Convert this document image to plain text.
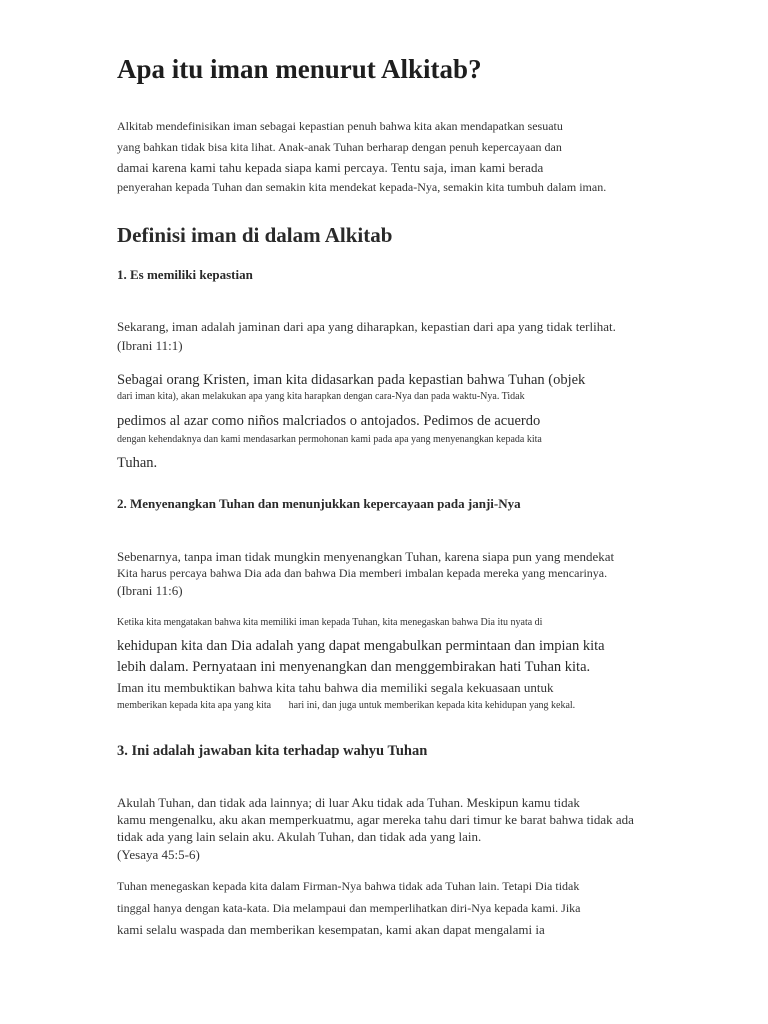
Apa itu iman menurut Alkitab?

Alkitab mendefinisikan iman sebagai kepastian penuh bahwa kita akan mendapatkan sesuatu

yang bahkan tidak bisa kita lihat. Anak-anak Tuhan berharap dengan penuh kepercayaan dan

damai karena kami tahu kepada siapa kami percaya. Tentu saja, iman kami berada

penyerahan kepada Tuhan dan semakin kita mendekat kepada-Nya, semakin kita tumbuh dalam iman.

Definisi iman di dalam Alkitab
1. Es memiliki kepastian

Sekarang, iman adalah jaminan dari apa yang diharapkan, kepastian dari apa yang tidak terlihat.

(Ibrani 11:1)

Sebagai orang Kristen, iman kita didasarkan pada kepastian bahwa Tuhan (objek

dari iman kita), akan melakukan apa yang kita harapkan dengan cara-Nya dan pada waktu-Nya. Tidak

pedimos al azar como niños malcriados o antojados. Pedimos de acuerdo

dengan kehendaknya dan kami mendasarkan permohonan kami pada apa yang menyenangkan kepada kita

Tuhan.

2. Menyenangkan Tuhan dan menunjukkan kepercayaan pada janji-Nya

Sebenarnya, tanpa iman tidak mungkin menyenangkan Tuhan, karena siapa pun yang mendekat

Kita harus percaya bahwa Dia ada dan bahwa Dia memberi imbalan kepada mereka yang mencarinya.

(Ibrani 11:6)

Ketika kita mengatakan bahwa kita memiliki iman kepada Tuhan, kita menegaskan bahwa Dia itu nyata di

kehidupan kita dan Dia adalah yang dapat mengabulkan permintaan dan impian kita

lebih dalam. Pernyataan ini menyenangkan dan menggembirakan hati Tuhan kita.

Iman itu membuktikan bahwa kita tahu bahwa dia memiliki segala kekuasaan untuk

memberikan kepada kita apa yang kita       hari ini, dan juga untuk memberikan kepada kita kehidupan yang kekal.

3. Ini adalah jawaban kita terhadap wahyu Tuhan

Akulah Tuhan, dan tidak ada lainnya; di luar Aku tidak ada Tuhan. Meskipun kamu tidak

kamu mengenalku, aku akan memperkuatmu, agar mereka tahu dari timur ke barat bahwa tidak ada

tidak ada yang lain selain aku. Akulah Tuhan, dan tidak ada yang lain.

(Yesaya 45:5-6)

Tuhan menegaskan kepada kita dalam Firman-Nya bahwa tidak ada Tuhan lain. Tetapi Dia tidak

tinggal hanya dengan kata-kata. Dia melampaui dan memperlihatkan diri-Nya kepada kami. Jika

kami selalu waspada dan memberikan kesempatan, kami akan dapat mengalami ia
